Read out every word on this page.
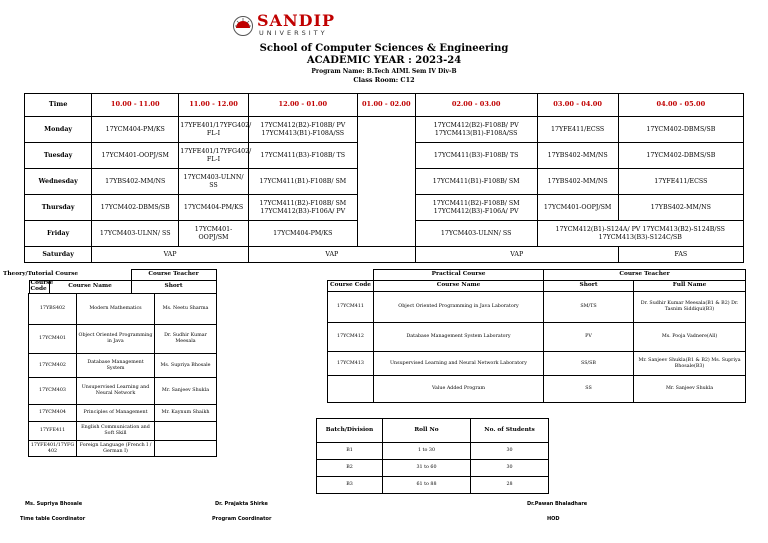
SANDIP
UNIVERSITY
School of Computer Sciences & Engineering
ACADEMIC YEAR : 2023-24
Program Name: B.Tech AIML Sem IV Div-B
Class Room: C12
Time	10.00 - 11.00	11.00 - 12.00	12.00 - 01.00	01.00 - 02.00	02.00 - 03.00	03.00 - 04.00	04.00 - 05.00
Monday	17YCM404-PM/KS	17YFE401/17YFG402/ FL-I	17YCM412(B2)-F108B/ PV 17YCM413(B1)-F108A/SS		17YCM412(B2)-F108B/ PV 17YCM413(B1)-F108A/SS	17YFE411/ECSS	17YCM402-DBMS/SB
Tuesday	17YCM401-OOPJ/SM	17YFE401/17YFG402/ FL-I	17YCM411(B3)-F108B/ TS		17YCM411(B3)-F108B/ TS	17YBS402-MM/NS	17YCM402-DBMS/SB
Wednesday	17YBS402-MM/NS	17YCM403-ULNN/ SS	17YCM411(B1)-F108B/ SM		17YCM411(B1)-F108B/ SM	17YBS402-MM/NS	17YFE411/ECSS
Thursday	17YCM402-DBMS/SB	17YCM404-PM/KS	17YCM411(B2)-F108B/ SM 17YCM412(B3)-F106A/ PV		17YCM411(B2)-F108B/ SM 17YCM412(B3)-F106A/ PV	17YCM401-OOPJ/SM	17YBS402-MM/NS
Friday	17YCM403-ULNN/ SS	17YCM401-OOPJ/SM	17YCM404-PM/KS		17YCM403-ULNN/ SS	17YCM412(B1)-S124A/ PV 17YCM413(B2)-S124B/SS 17YCM413(B3)-S124C/SB	
Saturday	VAP		VAP		VAP		FAS
Theory/Tutorial Course			Course Teacher
	Course Code	Course Name	Short
17YBS402	Modern Mathematics	Ms. Neetu Sharma
17YCM401	Object Oriented Programming in Java	Dr. Sudhir Kumar Meesala
17YCM402	Database Management System	Ms. Supriya Bhosale
17YCM403	Unsupervised Learning and Neural Network	Mr. Sanjeev Shukla
17YCM404	Principles of Management	Mr. Kaynum Shaikh
17YFE411	English Communication and Soft Skill	
17YFE401/17YFG 402	Foreign Language (French I / German I)	
	Practical Course	Course Teacher	
Course Code	Course Name	Short	Full Name
17YCM411	Object Oriented Programming in Java Laboratory	SM/TS	Dr. Sudhir Kumar Meesala(B1 & B2) Dr. Tasnim Siddiqui(B3)
17YCM412	Database Management System Laboratory	PV	Ms. Pooja Vadnere(All)
17YCM413	Unsupervised Learning and Neural Network Laboratory	SS/SB	Mr. Sanjeev Shukla(B1 & B2) Ms. Supriya Bhosale(B3)
	Value Added Program	SS	Mr. Sanjeev Shukla
Batch/Division	Roll No	No. of Students
B1	1 to 30	30
B2	31 to 60	30
B3	61 to 88	28
Ms. Supriya Bhosale
Time table Coordinator
Dr. Prajakta Shirke
Program Coordinator
Dr.Pawan Bhaladhare
HOD
